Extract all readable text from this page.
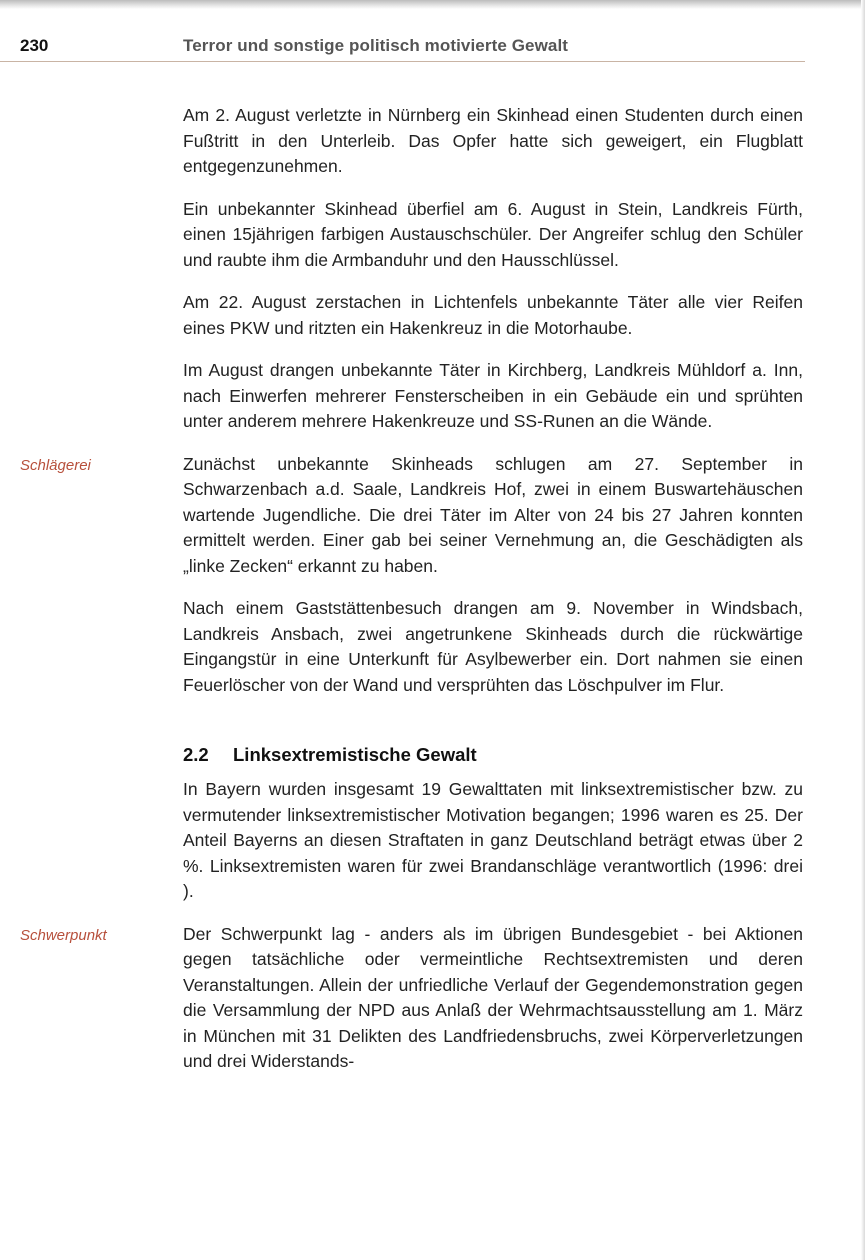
230	Terror und sonstige politisch motivierte Gewalt

Am 2. August verletzte in Nürnberg ein Skinhead einen Studenten durch einen Fußtritt in den Unterleib. Das Opfer hatte sich geweigert, ein Flugblatt entgegenzunehmen.

Ein unbekannter Skinhead überfiel am 6. August in Stein, Landkreis Fürth, einen 15jährigen farbigen Austauschschüler. Der Angreifer schlug den Schüler und raubte ihm die Armbanduhr und den Hausschlüssel.

Am 22. August zerstachen in Lichtenfels unbekannte Täter alle vier Reifen eines PKW und ritzten ein Hakenkreuz in die Motorhaube.

Im August drangen unbekannte Täter in Kirchberg, Landkreis Mühldorf a. Inn, nach Einwerfen mehrerer Fensterscheiben in ein Gebäude ein und sprühten unter anderem mehrere Hakenkreuze und SS-Runen an die Wände.

Schlägerei	Zunächst unbekannte Skinheads schlugen am 27. September in Schwarzenbach a.d. Saale, Landkreis Hof, zwei in einem Buswartehäuschen wartende Jugendliche. Die drei Täter im Alter von 24 bis 27 Jahren konnten ermittelt werden. Einer gab bei seiner Vernehmung an, die Geschädigten als „linke Zecken“ erkannt zu haben.

Nach einem Gaststättenbesuch drangen am 9. November in Windsbach, Landkreis Ansbach, zwei angetrunkene Skinheads durch die rückwärtige Eingangstür in eine Unterkunft für Asylbewerber ein. Dort nahmen sie einen Feuerlöscher von der Wand und versprühten das Löschpulver im Flur.

2.2 Linksextremistische Gewalt

In Bayern wurden insgesamt 19 Gewalttaten mit linksextremistischer bzw. zu vermutender linksextremistischer Motivation begangen; 1996 waren es 25. Der Anteil Bayerns an diesen Straftaten in ganz Deutschland beträgt etwas über 2 %. Linksextremisten waren für zwei Brandanschläge verantwortlich (1996: drei ).

Schwerpunkt	Der Schwerpunkt lag - anders als im übrigen Bundesgebiet - bei Aktionen gegen tatsächliche oder vermeintliche Rechtsextremisten und deren Veranstaltungen. Allein der unfriedliche Verlauf der Gegendemonstration gegen die Versammlung der NPD aus Anlaß der Wehrmachtsausstellung am 1. März in München mit 31 Delikten des Landfriedensbruchs, zwei Körperverletzungen und drei Widerstands-
